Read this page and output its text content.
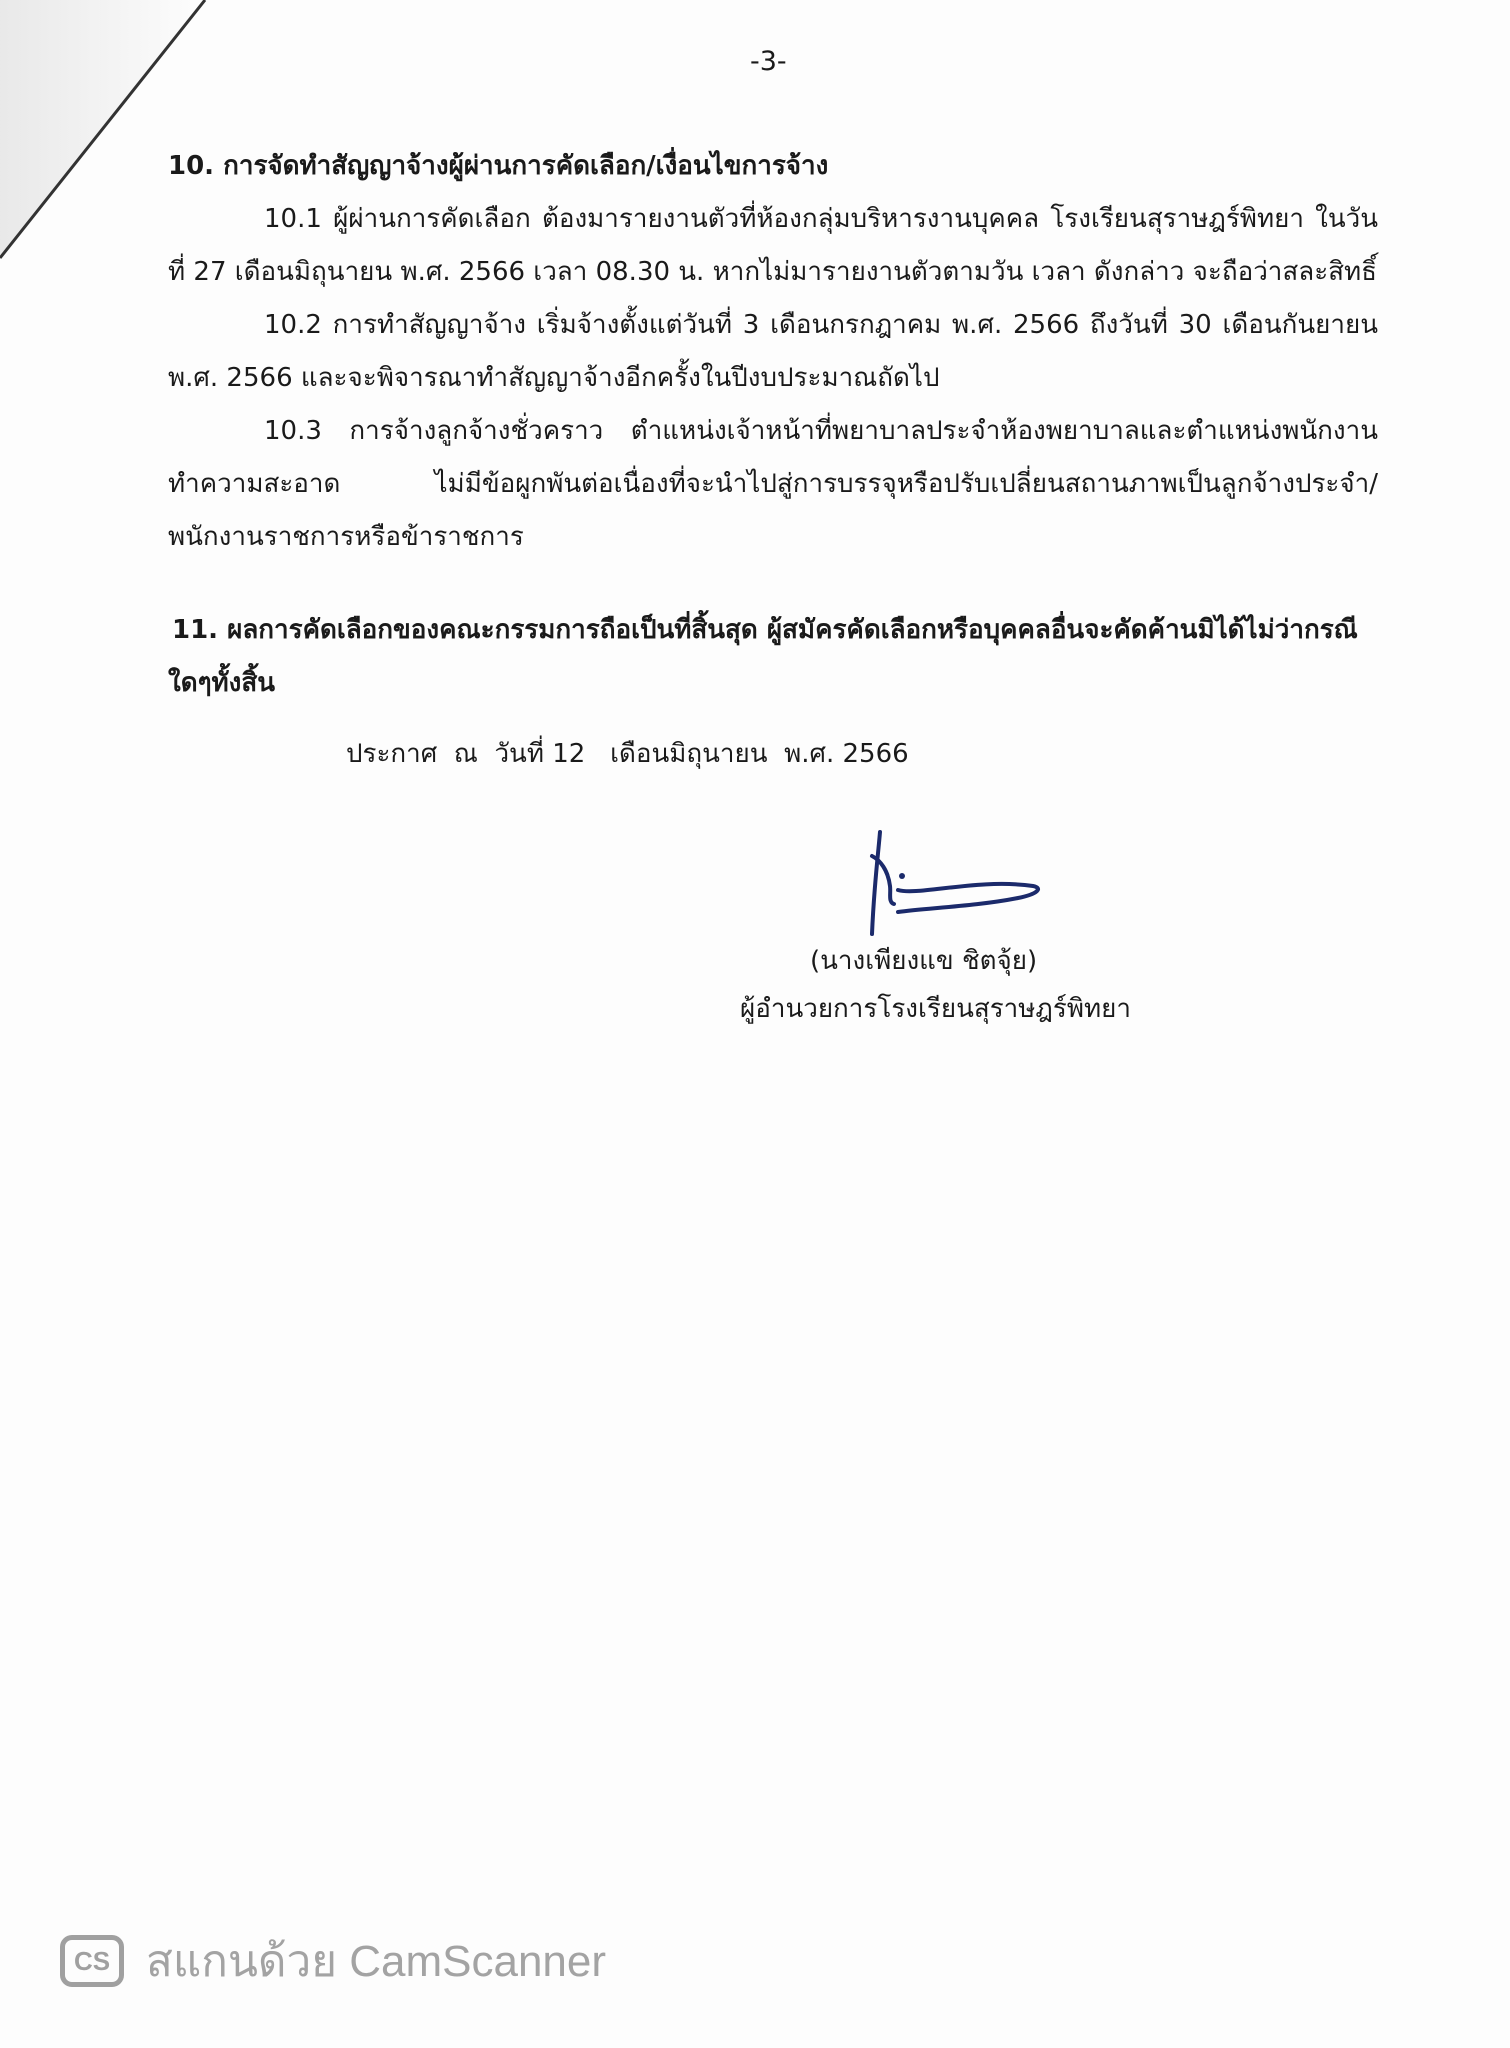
-3-
10. การจัดทำสัญญาจ้างผู้ผ่านการคัดเลือก/เงื่อนไขการจ้าง
10.1 ผู้ผ่านการคัดเลือก ต้องมารายงานตัวที่ห้องกลุ่มบริหารงานบุคคล โรงเรียนสุราษฎร์พิทยา ในวันที่ 27 เดือนมิถุนายน พ.ศ. 2566 เวลา 08.30 น. หากไม่มารายงานตัวตามวัน เวลา ดังกล่าว จะถือว่าสละสิทธิ์
10.2 การทำสัญญาจ้าง เริ่มจ้างตั้งแต่วันที่ 3 เดือนกรกฎาคม พ.ศ. 2566 ถึงวันที่ 30 เดือนกันยายน พ.ศ. 2566 และจะพิจารณาทำสัญญาจ้างอีกครั้งในปีงบประมาณถัดไป
10.3 การจ้างลูกจ้างชั่วคราว ตำแหน่งเจ้าหน้าที่พยาบาลประจำห้องพยาบาลและตำแหน่งพนักงานทำความสะอาด ไม่มีข้อผูกพันต่อเนื่องที่จะนำไปสู่การบรรจุหรือปรับเปลี่ยนสถานภาพเป็นลูกจ้างประจำ/พนักงานราชการหรือข้าราชการ
11. ผลการคัดเลือกของคณะกรรมการถือเป็นที่สิ้นสุด ผู้สมัครคัดเลือกหรือบุคคลอื่นจะคัดค้านมิได้ไม่ว่ากรณีใดๆทั้งสิ้น
ประกาศ  ณ  วันที่ 12   เดือนมิถุนายน  พ.ศ. 2566
(นางเพียงแข ชิตจุ้ย)
ผู้อำนวยการโรงเรียนสุราษฎร์พิทยา
CS สแกนด้วย CamScanner
